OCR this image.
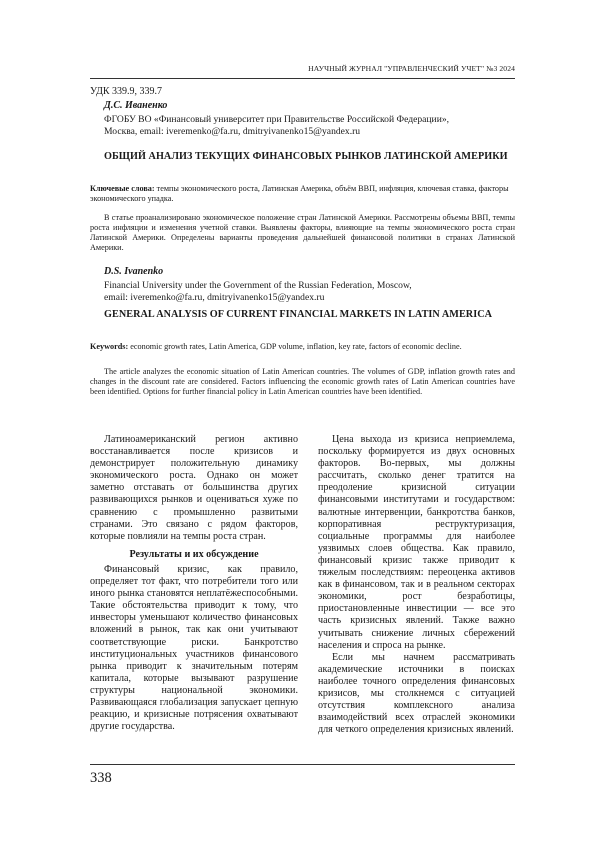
НАУЧНЫЙ ЖУРНАЛ "УПРАВЛЕНЧЕСКИЙ УЧЕТ" №3 2024
УДК 339.9, 339.7
Д.С. Иваненко
ФГОБУ ВО «Финансовый университет при Правительстве Российской Федерации»,
Москва, email: iveremenko@fa.ru, dmitryivanenko15@yandex.ru
ОБЩИЙ АНАЛИЗ ТЕКУЩИХ ФИНАНСОВЫХ РЫНКОВ ЛАТИНСКОЙ АМЕРИКИ
Ключевые слова: темпы экономического роста, Латинская Америка, объём ВВП, инфляция, ключевая ставка, факторы экономического упадка.
В статье проанализировано экономическое положение стран Латинской Америки. Рассмотрены объемы ВВП, темпы роста инфляции и изменения учетной ставки. Выявлены факторы, влияющие на темпы экономического роста стран Латинской Америки. Определены варианты проведения дальнейшей финансовой политики в странах Латинской Америки.
D.S. Ivanenko
Financial University under the Government of the Russian Federation, Moscow,
email: iveremenko@fa.ru, dmitryivanenko15@yandex.ru
GENERAL ANALYSIS OF CURRENT FINANCIAL MARKETS IN LATIN AMERICA
Keywords: economic growth rates, Latin America, GDP volume, inflation, key rate, factors of economic decline.
The article analyzes the economic situation of Latin American countries. The volumes of GDP, inflation growth rates and changes in the discount rate are considered. Factors influencing the economic growth rates of Latin American countries have been identified. Options for further financial policy in Latin American countries have been identified.

Латиноамериканский регион активно восстанавливается после кризисов и демонстрирует положительную динамику экономического роста. Однако он может заметно отставать от большинства других развивающихся рынков и оцениваться хуже по сравнению с промышленно развитыми странами. Это связано с рядом факторов, которые повлияли на темпы роста стран.

Результаты и их обсуждение

Финансовый кризис, как правило, определяет тот факт, что потребители того или иного рынка становятся неплатёжеспособными. Такие обстоятельства приводит к тому, что инвесторы уменьшают количество финансовых вложений в рынок, так как они учитывают соответствующие риски. Банкротство институциональных участников финансового рынка приводит к значительным потерям капитала, которые вызывают разрушение структуры национальной экономики. Развивающаяся глобализация запускает цепную реакцию, и кризисные потрясения охватывают другие государства.

Цена выхода из кризиса неприемлема, поскольку формируется из двух основных факторов. Во-первых, мы должны рассчитать, сколько денег тратится на преодоление кризисной ситуации финансовыми институтами и государством: валютные интервенции, банкротства банков, корпоративная реструктуризация, социальные программы для наиболее уязвимых слоев общества. Как правило, финансовый кризис также приводит к тяжелым последствиям: переоценка активов как в финансовом, так и в реальном секторах экономики, рост безработицы, приостановленные инвестиции — все это часть кризисных явлений. Также важно учитывать снижение личных сбережений населения и спроса на рынке.

Если мы начнем рассматривать академические источники в поисках наиболее точного определения финансовых кризисов, мы столкнемся с ситуацией отсутствия комплексного анализа взаимодействий всех отраслей экономики для четкого определения кризисных явлений.

338
